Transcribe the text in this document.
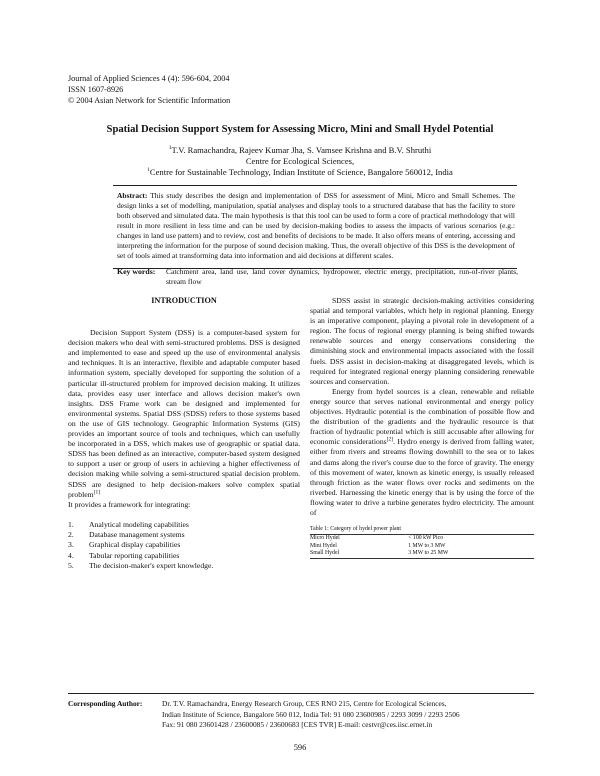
Journal of Applied Sciences 4 (4): 596-604, 2004
ISSN 1607-8926
© 2004 Asian Network for Scientific Information
Spatial Decision Support System for Assessing Micro, Mini and Small Hydel Potential
$^1$T.V. Ramachandra, Rajeev Kumar Jha, S. Vamsee Krishna and B.V. Shruthi
Centre for Ecological Sciences,
$^1$Centre for Sustainable Technology, Indian Institute of Science, Bangalore 560012, India
Abstract: This study describes the design and implementation of DSS for assessment of Mini, Micro and Small Schemes. The design links a set of modelling, manipulation, spatial analyses and display tools to a structured database that has the facility to store both observed and simulated data. The main hypothesis is that this tool can be used to form a core of practical methodology that will result in more resilient in less time and can be used by decision-making bodies to assess the impacts of various scenarios (e.g.: changes in land use pattern) and to review, cost and benefits of decisions to be made. It also offers means of entering, accessing and interpreting the information for the purpose of sound decision making. Thus, the overall objective of this DSS is the development of set of tools aimed at transforming data into information and aid decisions at different scales.
Key words: Catchment area, land use, land cover dynamics, hydropower, electric energy, precipitation, run-of-river plants, stream flow
INTRODUCTION

Decision Support System (DSS) is a computer-based system for decision makers who deal with semi-structured problems. DSS is designed and implemented to ease and speed up the use of environmental analysis and techniques. It is an interactive, flexible and adaptable computer based information system, specially developed for supporting the solution of a particular ill-structured problem for improved decision making. It utilizes data, provides easy user interface and allows decision maker's own insights. DSS Frame work can be designed and implemented for environmental systems. Spatial DSS (SDSS) refers to those systems based on the use of GIS technology. Geographic Information Systems (GIS) provides an important source of tools and techniques, which can usefully be incorporated in a DSS, which makes use of geographic or spatial data. SDSS has been defined as an interactive, computer-based system designed to support a user or group of users in achieving a higher effectiveness of decision making while solving a semi-structured spatial decision problem. SDSS are designed to help decision-makers solve complex spatial problem[1]

It provides a framework for integrating:

1.	Analytical modeling capabilities
2.	Database management systems
3.	Graphical display capabilities
4.	Tabular reporting capabilities
5.	The decision-maker's expert knowledge.

SDSS assist in strategic decision-making activities considering spatial and temporal variables, which help in regional planning. Energy is an imperative component, playing a pivotal role in development of a region. The focus of regional energy planning is being shifted towards renewable sources and energy conservations considering the diminishing stock and environmental impacts associated with the fossil fuels. DSS assist in decision-making at disaggregated levels, which is required for integrated regional energy planning considering renewable sources and conservation.

Energy from hydel sources is a clean, renewable and reliable energy source that serves national environmental and energy policy objectives. Hydraulic potential is the combination of possible flow and the distribution of the gradients and the hydraulic resource is that fraction of hydraulic potential which is still accusable after allowing for economic considerations[2]. Hydro energy is derived from falling water, either from rivers and streams flowing downhill to the sea or to lakes and dams along the river's course due to the force of gravity. The energy of this movement of water, known as kinetic energy, is usually released through friction as the water flows over rocks and sediments on the riverbed. Harnessing the kinetic energy that is by using the force of the flowing water to drive a turbine generates hydro electricity. The amount of

Table 1: Category of hydel power plant
Micro Hydel	< 100 kW Pico
Mini Hydel	1 MW to 3 MW
Small Hydel	3 MW to 25 MW
Corresponding Author:	Dr. T.V. Ramachandra, Energy Research Group, CES RNO 215, Centre for Ecological Sciences,
Indian Institute of Science, Bangalore 560 012, India Tel: 91 080 23600985 / 2293 3099 / 2293 2506
Fax: 91 080 23601428 / 23600085 / 23600683 [CES TVR] E-mail: cestvr@ces.iisc.ernet.in
596
